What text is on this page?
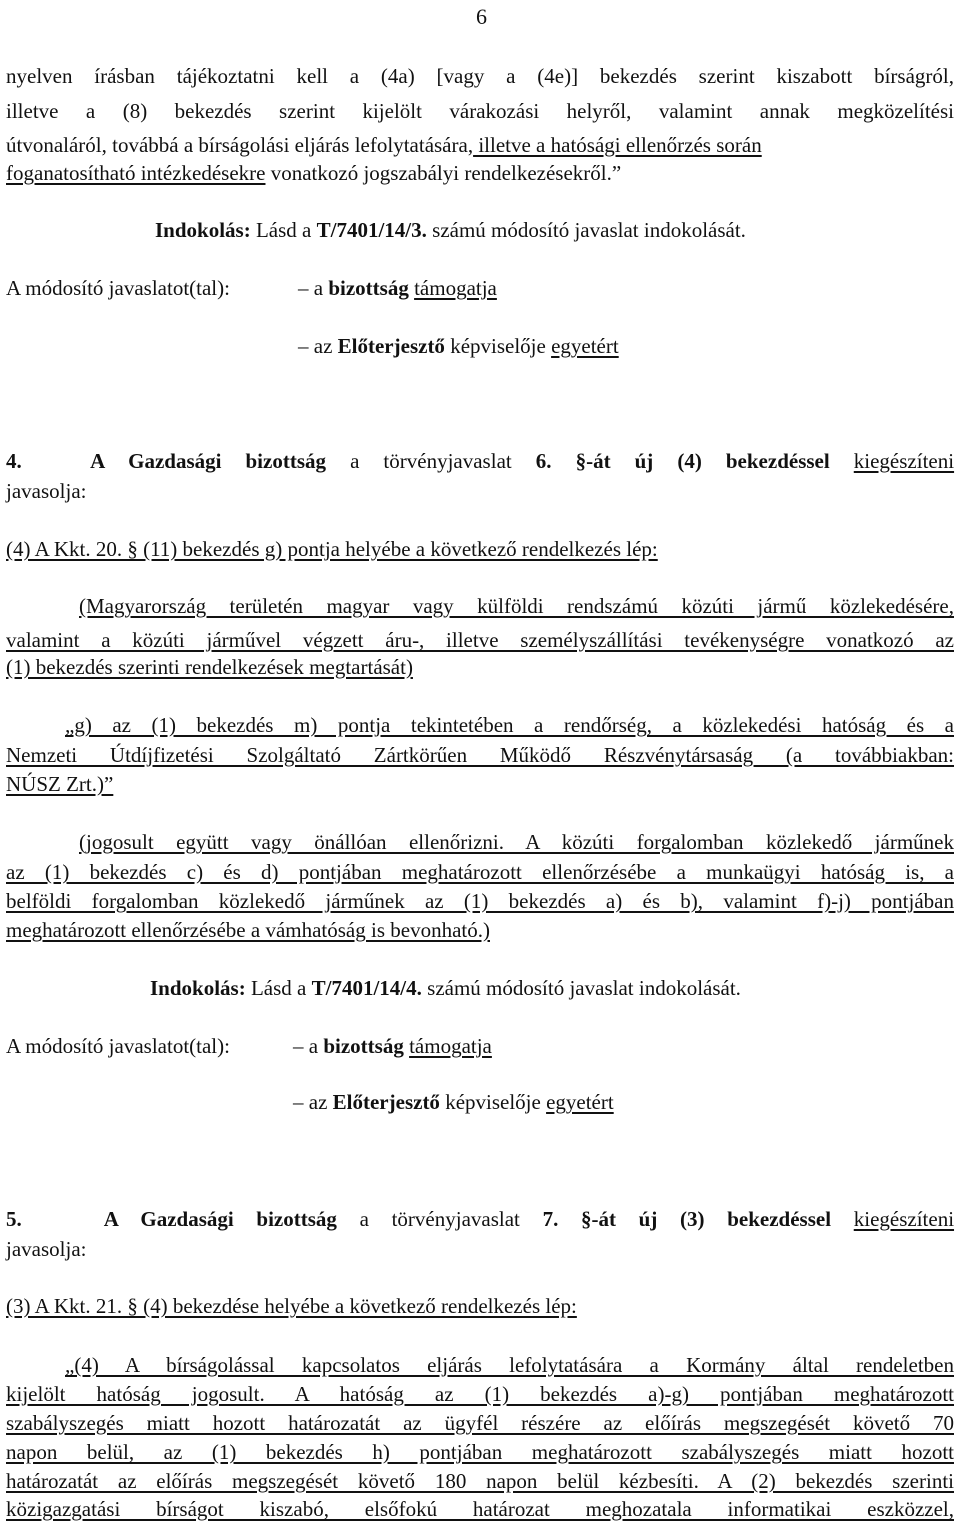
6
nyelven írásban tájékoztatni kell a (4a) [vagy a (4e)] bekezdés szerint kiszabott bírságról,
illetve a (8) bekezdés szerint kijelölt várakozási helyről, valamint annak megközelítési
útvonaláról, továbbá a bírságolási eljárás lefolytatására, illetve a hatósági ellenőrzés során
foganatosítható intézkedésekre vonatkozó jogszabályi rendelkezésekről.”
Indokolás: Lásd a T/7401/14/3. számú módosító javaslat indokolását.
A módosító javaslatot(tal):	– a bizottság támogatja
– az Előterjesztő képviselője egyetért
4.	A Gazdasági bizottság a törvényjavaslat 6. §-át új (4) bekezdéssel kiegészíteni
javasolja:
(4) A Kkt. 20. § (11) bekezdés g) pontja helyébe a következő rendelkezés lép:
(Magyarország területén magyar vagy külföldi rendszámú közúti jármű közlekedésére,
valamint a közúti járművel végzett áru-, illetve személyszállítási tevékenységre vonatkozó az
(1) bekezdés szerinti rendelkezések megtartását)
„g) az (1) bekezdés m) pontja tekintetében a rendőrség, a közlekedési hatóság és a
Nemzeti Útdíjfizetési Szolgáltató Zártkörűen Működő Részvénytársaság (a továbbiakban:
NÚSZ Zrt.)”
(jogosult együtt vagy önállóan ellenőrizni. A közúti forgalomban közlekedő járműnek
az (1) bekezdés c) és d) pontjában meghatározott ellenőrzésébe a munkaügyi hatóság is, a
belföldi forgalomban közlekedő járműnek az (1) bekezdés a) és b), valamint f)-j) pontjában
meghatározott ellenőrzésébe a vámhatóság is bevonható.)
Indokolás: Lásd a T/7401/14/4. számú módosító javaslat indokolását.
A módosító javaslatot(tal):	– a bizottság támogatja
– az Előterjesztő képviselője egyetért
5.	A Gazdasági bizottság a törvényjavaslat 7. §-át új (3) bekezdéssel kiegészíteni
javasolja:
(3) A Kkt. 21. § (4) bekezdése helyébe a következő rendelkezés lép:
„(4) A bírságolással kapcsolatos eljárás lefolytatására a Kormány által rendeletben
kijelölt hatóság jogosult. A hatóság az (1) bekezdés a)-g) pontjában meghatározott
szabályszegés miatt hozott határozatát az ügyfél részére az előírás megszegését követő 70
napon belül, az (1) bekezdés h) pontjában meghatározott szabályszegés miatt hozott
határozatát az előírás megszegését követő 180 napon belül kézbesíti. A (2) bekezdés szerinti
közigazgatási bírságot kiszabó, elsőfokú határozat meghozatala informatikai eszközzel,
